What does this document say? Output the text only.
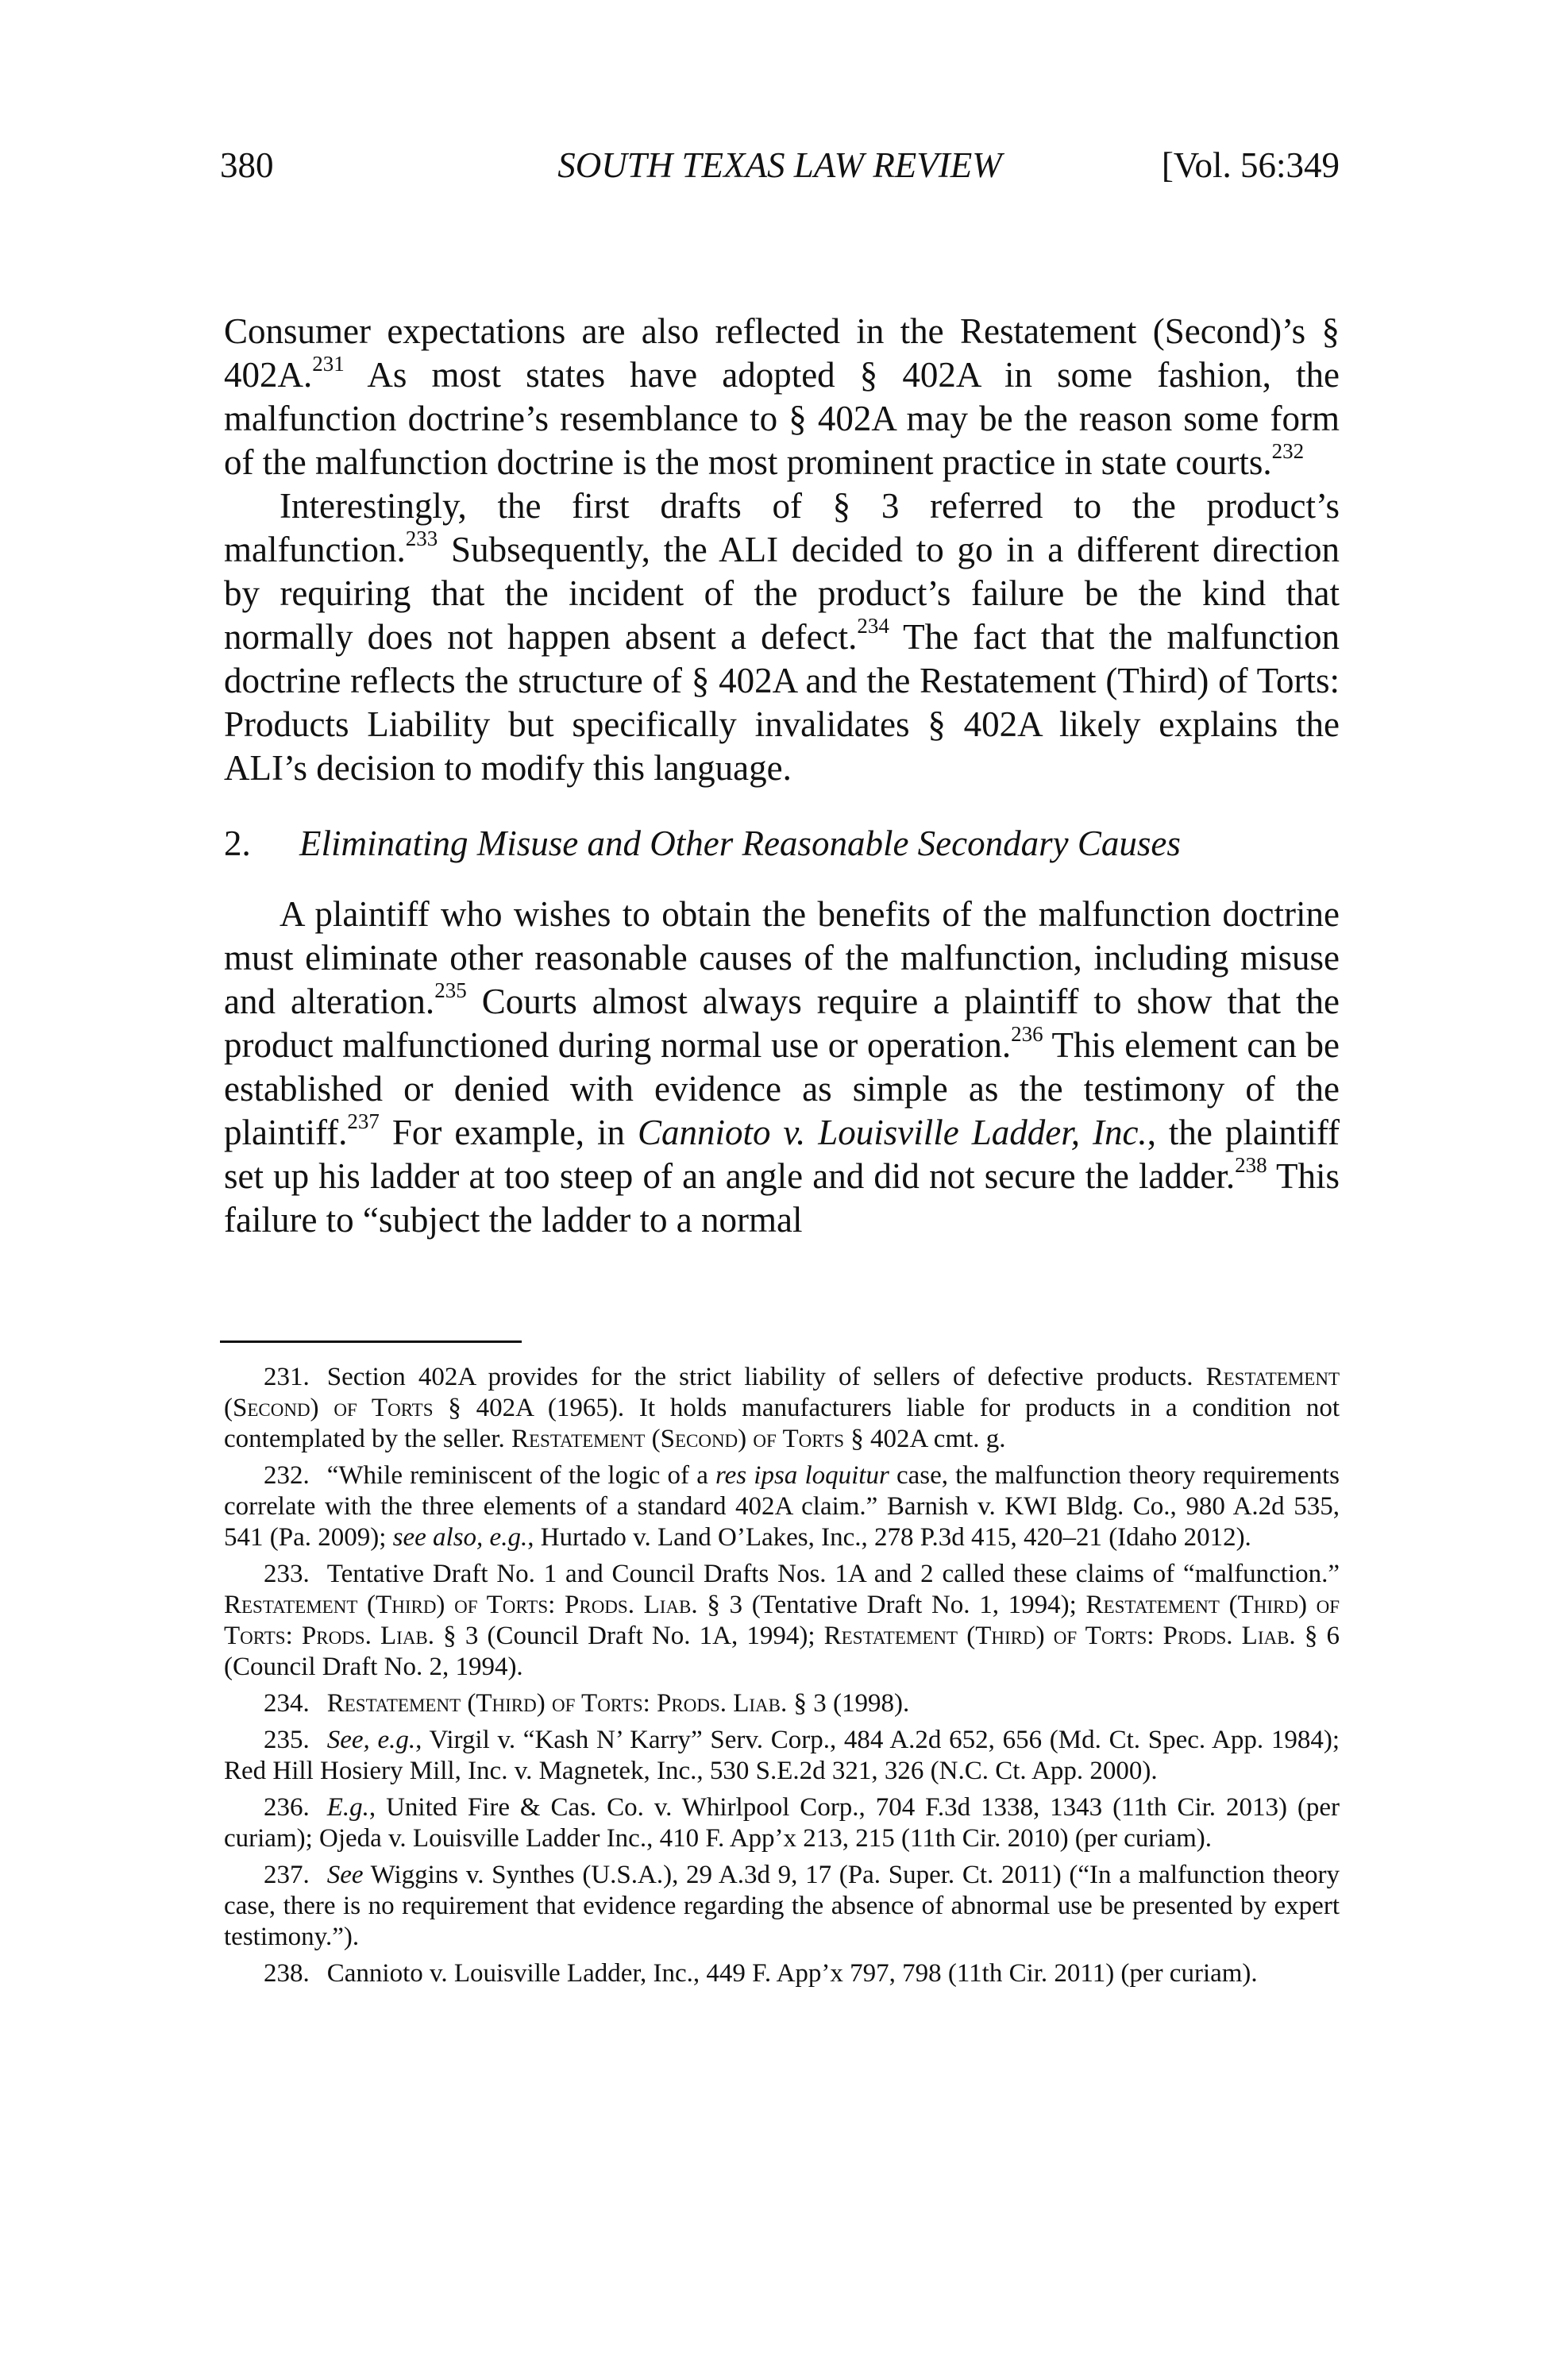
380	SOUTH TEXAS LAW REVIEW	[Vol. 56:349

Consumer expectations are also reflected in the Restatement (Second)’s § 402A.$^{231}$ As most states have adopted § 402A in some fashion, the malfunction doctrine’s resemblance to § 402A may be the reason some form of the malfunction doctrine is the most prominent practice in state courts.$^{232}$

Interestingly, the first drafts of § 3 referred to the product’s malfunction.$^{233}$ Subsequently, the ALI decided to go in a different direction by requiring that the incident of the product’s failure be the kind that normally does not happen absent a defect.$^{234}$ The fact that the malfunction doctrine reflects the structure of § 402A and the Restatement (Third) of Torts: Products Liability but specifically invalidates § 402A likely explains the ALI’s decision to modify this language.

2. Eliminating Misuse and Other Reasonable Secondary Causes

A plaintiff who wishes to obtain the benefits of the malfunction doctrine must eliminate other reasonable causes of the malfunction, including misuse and alteration.$^{235}$ Courts almost always require a plaintiff to show that the product malfunctioned during normal use or operation.$^{236}$ This element can be established or denied with evidence as simple as the testimony of the plaintiff.$^{237}$ For example, in Cannioto v. Louisville Ladder, Inc., the plaintiff set up his ladder at too steep of an angle and did not secure the ladder.$^{238}$ This failure to “subject the ladder to a normal

231. Section 402A provides for the strict liability of sellers of defective products. Restatement (Second) of Torts § 402A (1965). It holds manufacturers liable for products in a condition not contemplated by the seller. Restatement (Second) of Torts § 402A cmt. g.

232. “While reminiscent of the logic of a res ipsa loquitur case, the malfunction theory requirements correlate with the three elements of a standard 402A claim.” Barnish v. KWI Bldg. Co., 980 A.2d 535, 541 (Pa. 2009); see also, e.g., Hurtado v. Land O’Lakes, Inc., 278 P.3d 415, 420–21 (Idaho 2012).

233. Tentative Draft No. 1 and Council Drafts Nos. 1A and 2 called these claims of “malfunction.” Restatement (Third) of Torts: Prods. Liab. § 3 (Tentative Draft No. 1, 1994); Restatement (Third) of Torts: Prods. Liab. § 3 (Council Draft No. 1A, 1994); Restatement (Third) of Torts: Prods. Liab. § 6 (Council Draft No. 2, 1994).

234. Restatement (Third) of Torts: Prods. Liab. § 3 (1998).

235. See, e.g., Virgil v. “Kash N’ Karry” Serv. Corp., 484 A.2d 652, 656 (Md. Ct. Spec. App. 1984); Red Hill Hosiery Mill, Inc. v. Magnetek, Inc., 530 S.E.2d 321, 326 (N.C. Ct. App. 2000).

236. E.g., United Fire & Cas. Co. v. Whirlpool Corp., 704 F.3d 1338, 1343 (11th Cir. 2013) (per curiam); Ojeda v. Louisville Ladder Inc., 410 F. App’x 213, 215 (11th Cir. 2010) (per curiam).

237. See Wiggins v. Synthes (U.S.A.), 29 A.3d 9, 17 (Pa. Super. Ct. 2011) (“In a malfunction theory case, there is no requirement that evidence regarding the absence of abnormal use be presented by expert testimony.”).

238. Cannioto v. Louisville Ladder, Inc., 449 F. App’x 797, 798 (11th Cir. 2011) (per curiam).
